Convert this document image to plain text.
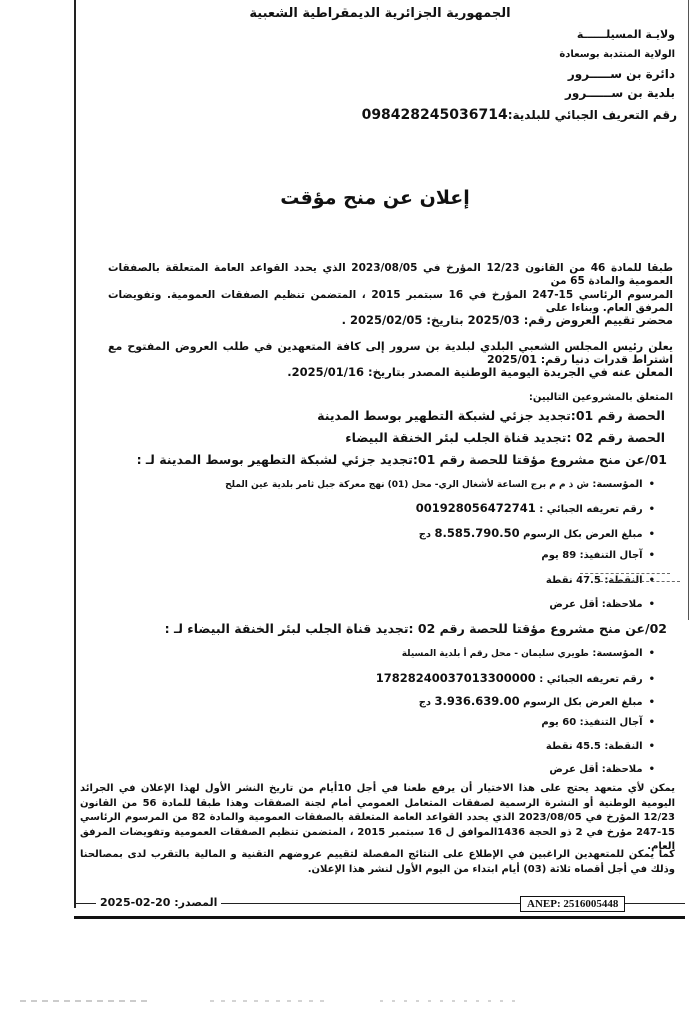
الجمهورية الجزائرية الديمقراطية الشعبية
ولايـة المسيلــــــة
الولاية المنتدبة بوسعادة
دائرة بن ســـــرور
بلدية بن ســــــرور
رقم التعريف الجبائي للبلدية:098428245036714
إعلان عن منح مؤقت
طبقا للمادة 46 من القانون 12/23 المؤرخ في 2023/08/05 الذي يحدد القواعد العامة المتعلقة بالصفقات العمومية والمادة 65 من
المرسوم الرئاسي 15-247 المؤرخ في 16 سبتمبر 2015 ، المتضمن تنظيم الصفقات العمومية. وتفويضات المرفق العام. وبناءا على
محضر تقييم العروض رقم: 2025/03 بتاريخ: 2025/02/05 .
يعلن رئيس المجلس الشعبي البلدي لبلدية بن سرور إلى كافة المتعهدين في طلب العروض المفتوح مع اشتراط قدرات دنيا رقم: 2025/01
المعلن عنه في الجريدة اليومية الوطنية المصدر بتاريخ: 2025/01/16.
المتعلق بالمشروعين التاليين:
الحصة رقم 01:تجديد جزئي لشبكة التطهير بوسط المدينة
الحصة رقم 02 :تجديد قناة الجلب لبئر الخنقة البيضاء
01/عن منح مشروع مؤقتا للحصة رقم 01:تجديد جزئي لشبكة التطهير بوسط المدينة لـ :
•المؤسسة: ش ذ م م برج الساعة لأشغال الري- محل (01) نهج معركة جبل ثامر بلدية عين الملح
•رقم تعريفه الجبائي : 001928056472741
•مبلغ العرض بكل الرسوم 8.585.790.50 دج
•آجال التنفيذ: 89 يوم
•النقطة: 47.5 نقطة
•ملاحظة: أقل عرض
02/عن منح مشروع مؤقتا للحصة رقم 02 :تجديد قناة الجلب لبئر الخنقة البيضاء لـ :
•المؤسسة: طويري سليمان - محل رقم أ بلدية المسيلة
•رقم تعريفه الجبائي : 17828240037013300000
•مبلغ العرض بكل الرسوم 3.936.639.00 دج
•آجال التنفيذ: 60 يوم
•النقطة: 45.5 نقطة
•ملاحظة: أقل عرض
يمكن لأي متعهد يحتج على هذا الاختيار أن يرفع طعنا في أجل 10أيام من تاريخ النشر الأول لهذا الإعلان في الجرائد اليومية الوطنية أو النشرة الرسمية لصفقات المتعامل العمومي أمام لجنة الصفقات وهذا طبقا للمادة 56 من القانون 12/23 المؤرخ في 2023/08/05 الذي يحدد القواعد العامة المتعلقة بالصفقات العمومية والمادة 82 من المرسوم الرئاسي 15-247 مؤرخ في 2 ذو الحجة 1436الموافق ل 16 سبتمبر 2015 ، المتضمن تنظيم الصفقات العمومية وتفويضات المرفق العام.
كما يمكن للمتعهدين الراغبين في الإطلاع على النتائج المفصلة لتقييم عروضهم التقنية و المالية بالتقرب لدى بمصالحنا وذلك في أجل أقصاه ثلاثة (03) أيام ابتداء من اليوم الأول لنشر هذا الإعلان.
المصدر: 20-02-2025	ANEP: 2516005448
